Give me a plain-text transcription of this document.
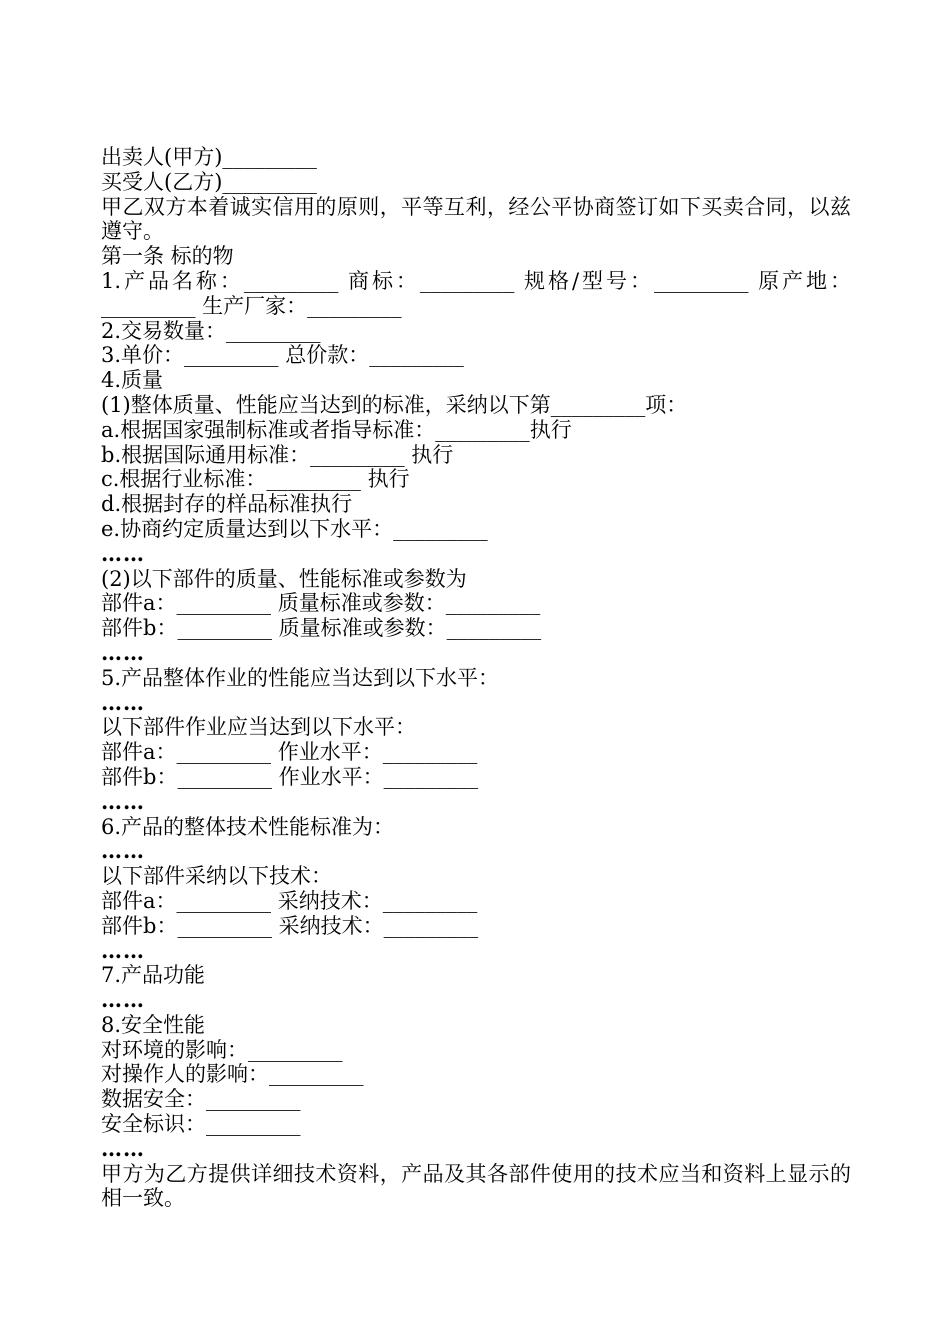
出卖人(甲方)_________
买受人(乙方)_________
甲乙双方本着诚实信用的原则，平等互利，经公平协商签订如下买卖合同，以兹遵守。
第一条 标的物
1.产品名称：_________ 商标：_________ 规格/型号：_________ 原产地：_________ 生产厂家：_________
2.交易数量：_________
3.单价：_________ 总价款：_________
4.质量
(1)整体质量、性能应当达到的标准，采纳以下第_________项：
a.根据国家强制标准或者指导标准：_________执行
b.根据国际通用标准：_________ 执行
c.根据行业标准：_________ 执行
d.根据封存的样品标准执行
e.协商约定质量达到以下水平：_________
……
(2)以下部件的质量、性能标准或参数为
部件a：_________ 质量标准或参数：_________
部件b：_________ 质量标准或参数：_________
……
5.产品整体作业的性能应当达到以下水平：
……
以下部件作业应当达到以下水平：
部件a：_________ 作业水平：_________
部件b：_________ 作业水平：_________
……
6.产品的整体技术性能标准为：
……
以下部件采纳以下技术：
部件a：_________ 采纳技术：_________
部件b：_________ 采纳技术：_________
……
7.产品功能
……
8.安全性能
对环境的影响：_________
对操作人的影响：_________
数据安全：_________
安全标识：_________
……
甲方为乙方提供详细技术资料，产品及其各部件使用的技术应当和资料上显示的相一致。
